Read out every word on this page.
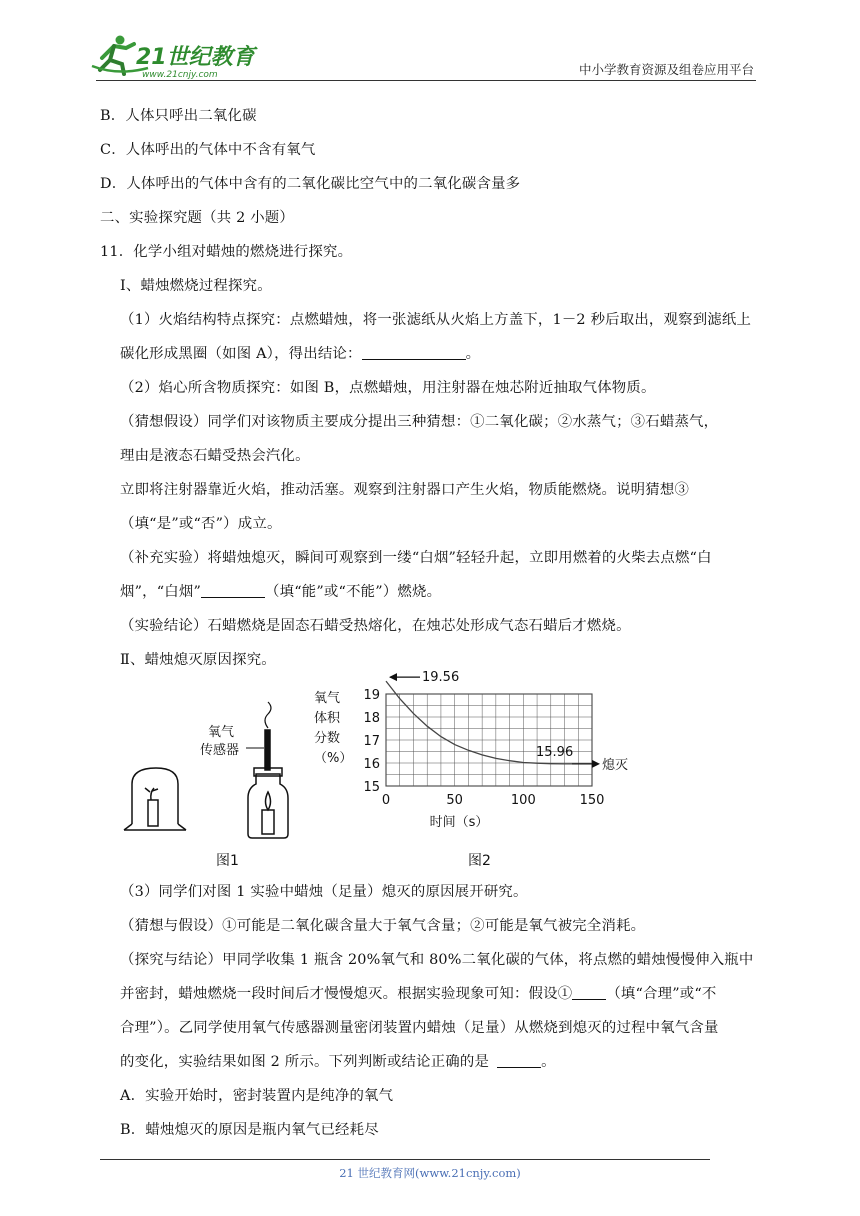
21世纪教育
www.21cnjy.com	中小学教育资源及组卷应用平台
B．人体只呼出二氧化碳
C．人体呼出的气体中不含有氧气
D．人体呼出的气体中含有的二氧化碳比空气中的二氧化碳含量多
二、实验探究题（共 2 小题）
11．化学小组对蜡烛的燃烧进行探究。
Ⅰ、蜡烛燃烧过程探究。
（1）火焰结构特点探究：点燃蜡烛，将一张滤纸从火焰上方盖下，1－2 秒后取出，观察到滤纸上
碳化形成黑圈（如图 A），得出结论：	。
（2）焰心所含物质探究：如图 B，点燃蜡烛，用注射器在烛芯附近抽取气体物质。
（猜想假设）同学们对该物质主要成分提出三种猜想：①二氧化碳；②水蒸气；③石蜡蒸气，
理由是液态石蜡受热会汽化。
立即将注射器靠近火焰，推动活塞。观察到注射器口产生火焰，物质能燃烧。说明猜想③
（填“是”或“否”）成立。
（补充实验）将蜡烛熄灭，瞬间可观察到一缕“白烟”轻轻升起，立即用燃着的火柴去点燃“白
烟”，“白烟”	（填“能”或“不能”）燃烧。
（实验结论）石蜡燃烧是固态石蜡受热熔化，在烛芯处形成气态石蜡后才燃烧。
Ⅱ、蜡烛熄灭原因探究。
氧气
传感器
图1
氧气
体积
分数
（%）
15
16
17
18
19
0	50	100	150
19.56
15.96
熄灭
时间（s）
图2
（3）同学们对图 1 实验中蜡烛（足量）熄灭的原因展开研究。
（猜想与假设）①可能是二氧化碳含量大于氧气含量；②可能是氧气被完全消耗。
（探究与结论）甲同学收集 1 瓶含 20%氧气和 80%二氧化碳的气体，将点燃的蜡烛慢慢伸入瓶中
并密封，蜡烛燃烧一段时间后才慢慢熄灭。根据实验现象可知：假设① （填“合理”或“不
合理”）。乙同学使用氧气传感器测量密闭装置内蜡烛（足量）从燃烧到熄灭的过程中氧气含量
的变化，实验结果如图 2 所示。下列判断或结论正确的是	。
A．实验开始时，密封装置内是纯净的氧气
B．蜡烛熄灭的原因是瓶内氧气已经耗尽
21 世纪教育网(www.21cnjy.com)
